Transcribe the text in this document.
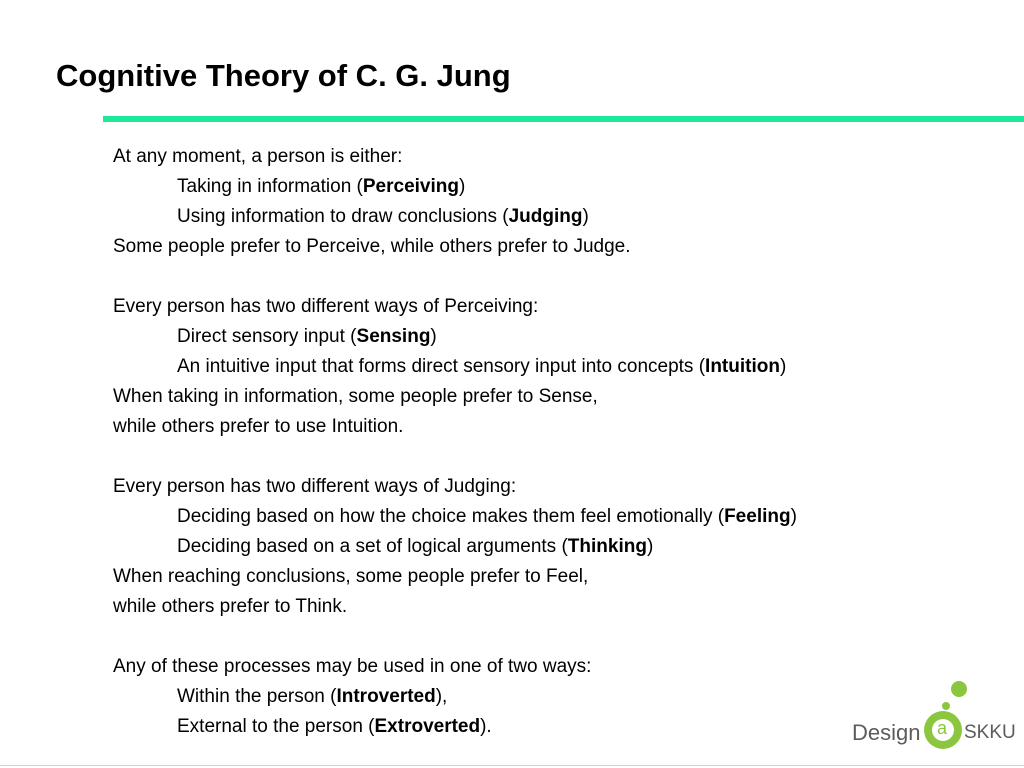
Cognitive Theory of C. G. Jung
At any moment, a person is either:
Taking in information (Perceiving)
Using information to draw conclusions (Judging)
Some people prefer to Perceive, while others prefer to Judge.
Every person has two different ways of Perceiving:
Direct sensory input (Sensing)
An intuitive input that forms direct sensory input into concepts (Intuition)
When taking in information, some people prefer to Sense,
while others prefer to use Intuition.
Every person has two different ways of Judging:
Deciding based on how the choice makes them feel emotionally (Feeling)
Deciding based on a set of logical arguments (Thinking)
When reaching conclusions, some people prefer to Feel,
while others prefer to Think.
Any of these processes may be used in one of two ways:
Within the person (Introverted),
External to the person (Extroverted).	Design a SKKU
